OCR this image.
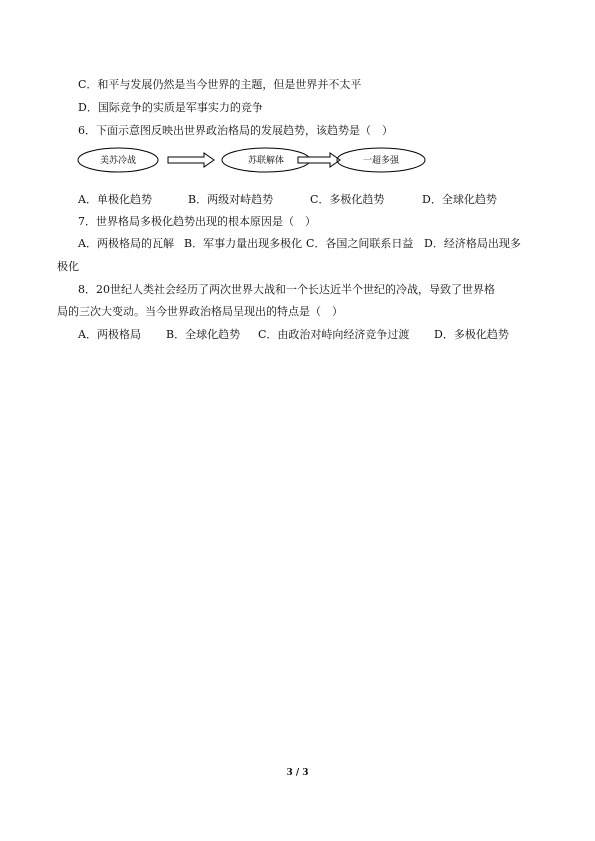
C．和平与发展仍然是当今世界的主题，但是世界并不太平
D．国际竞争的实质是军事实力的竞争
6．下面示意图反映出世界政治格局的发展趋势，该趋势是（　）
美苏冷战	苏联解体	一超多强
A．单极化趋势	B．两级对峙趋势	C．多极化趋势	D．全球化趋势
7．世界格局多极化趋势出现的根本原因是（　）
A．两极格局的瓦解 B．军事力量出现多极化 C．各国之间联系日益 D．经济格局出现多
极化
8．20世纪人类社会经历了两次世界大战和一个长达近半个世纪的冷战，导致了世界格
局的三次大变动。当今世界政治格局呈现出的特点是（　）
A．两极格局 B．全球化趋势 C．由政治对峙向经济竞争过渡 D．多极化趋势
3 / 3
